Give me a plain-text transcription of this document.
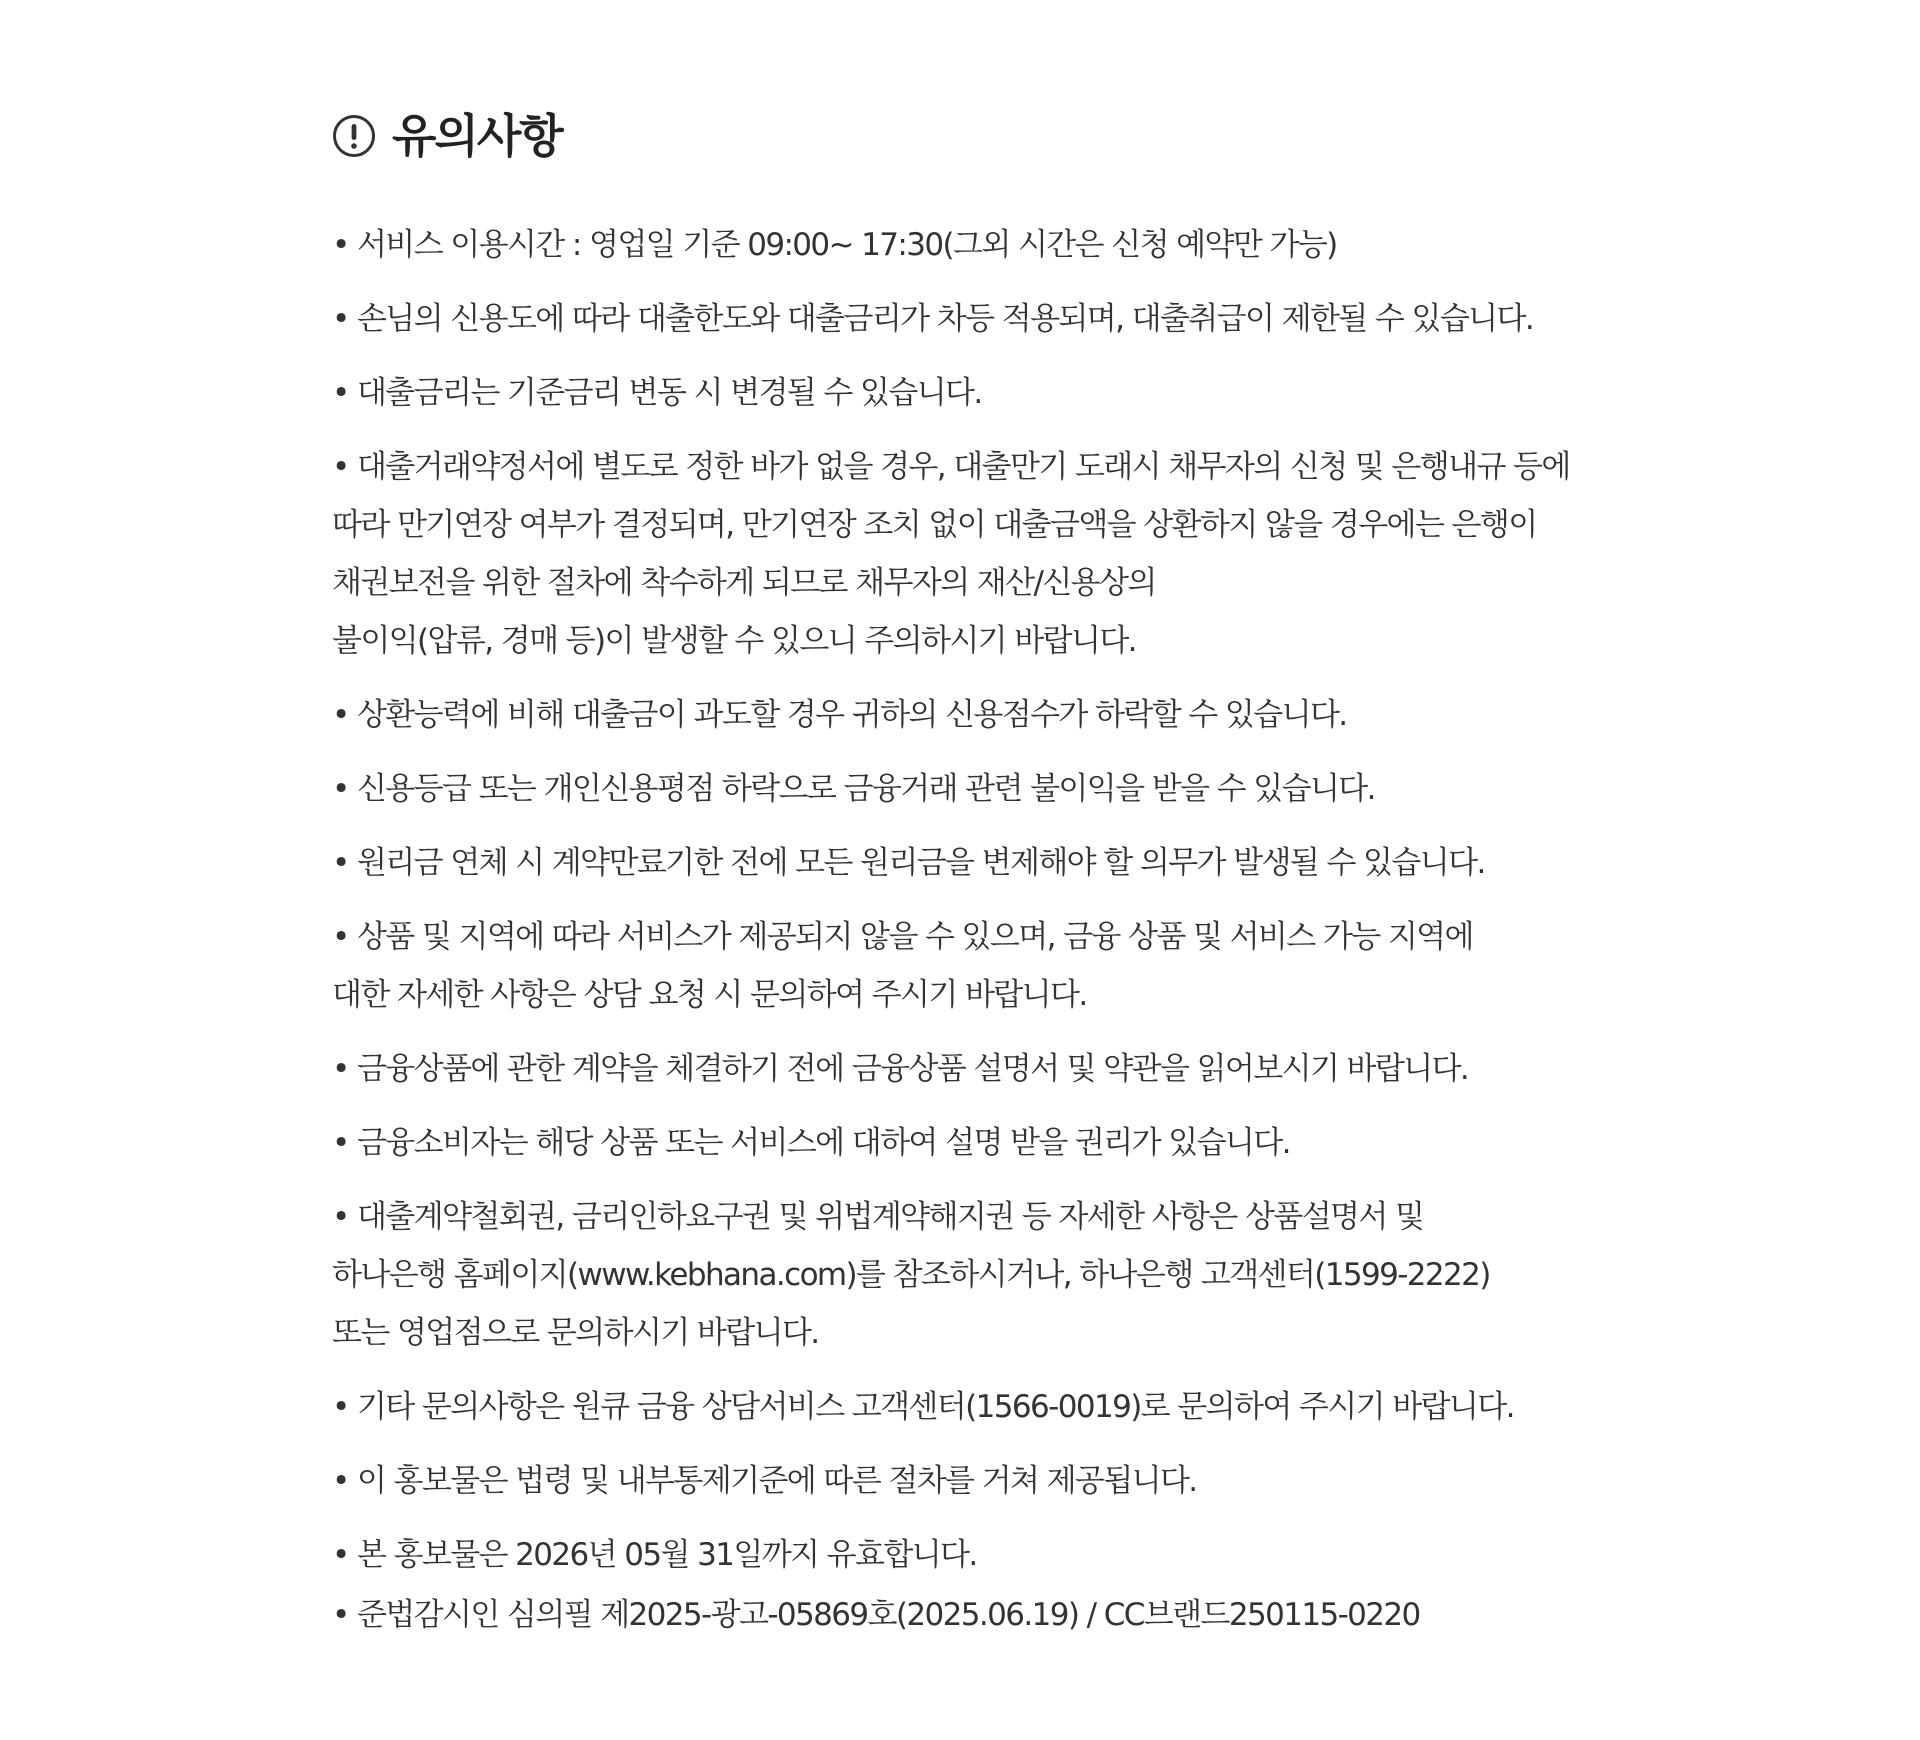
유의사항
• 서비스 이용시간 : 영업일 기준 09:00~ 17:30(그외 시간은 신청 예약만 가능)
• 손님의 신용도에 따라 대출한도와 대출금리가 차등 적용되며, 대출취급이 제한될 수 있습니다.
• 대출금리는 기준금리 변동 시 변경될 수 있습니다.
• 대출거래약정서에 별도로 정한 바가 없을 경우, 대출만기 도래시 채무자의 신청 및 은행내규 등에
따라 만기연장 여부가 결정되며, 만기연장 조치 없이 대출금액을 상환하지 않을 경우에는 은행이
채권보전을 위한 절차에 착수하게 되므로 채무자의 재산/신용상의
불이익(압류, 경매 등)이 발생할 수 있으니 주의하시기 바랍니다.
• 상환능력에 비해 대출금이 과도할 경우 귀하의 신용점수가 하락할 수 있습니다.
• 신용등급 또는 개인신용평점 하락으로 금융거래 관련 불이익을 받을 수 있습니다.
• 원리금 연체 시 계약만료기한 전에 모든 원리금을 변제해야 할 의무가 발생될 수 있습니다.
• 상품 및 지역에 따라 서비스가 제공되지 않을 수 있으며, 금융 상품 및 서비스 가능 지역에
대한 자세한 사항은 상담 요청 시 문의하여 주시기 바랍니다.
• 금융상품에 관한 계약을 체결하기 전에 금융상품 설명서 및 약관을 읽어보시기 바랍니다.
• 금융소비자는 해당 상품 또는 서비스에 대하여 설명 받을 권리가 있습니다.
• 대출계약철회권, 금리인하요구권 및 위법계약해지권 등 자세한 사항은 상품설명서 및
하나은행 홈페이지(www.kebhana.com)를 참조하시거나, 하나은행 고객센터(1599-2222)
또는 영업점으로 문의하시기 바랍니다.
• 기타 문의사항은 원큐 금융 상담서비스 고객센터(1566-0019)로 문의하여 주시기 바랍니다.
• 이 홍보물은 법령 및 내부통제기준에 따른 절차를 거쳐 제공됩니다.
• 본 홍보물은 2026년 05월 31일까지 유효합니다.
• 준법감시인 심의필 제2025-광고-05869호(2025.06.19) / CC브랜드250115-0220
